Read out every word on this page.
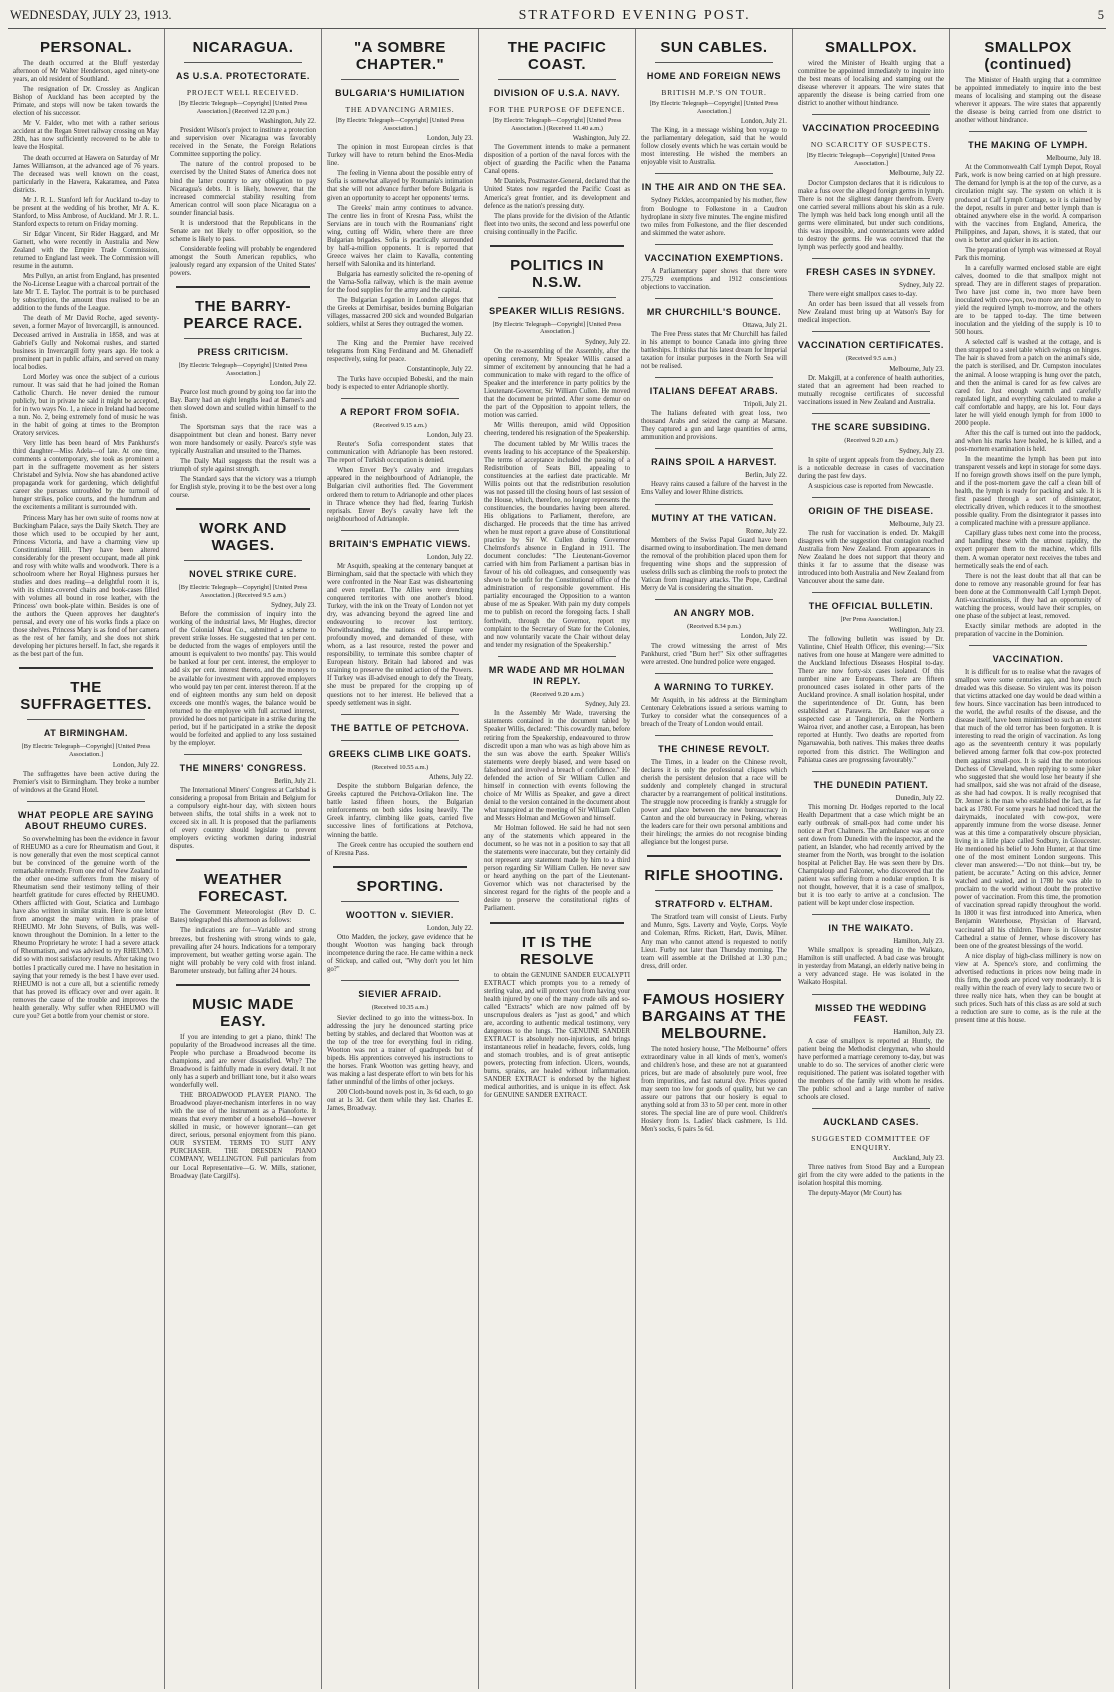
WEDNESDAY, JULY 23, 1913.	STRATFORD EVENING POST.	5
PERSONAL.

The death occurred at the Bluff yesterday afternoon of Mr Walter Henderson, aged ninety-one years, an old resident of Southland.

The resignation of Dr. Crossley as Anglican Bishop of Auckland has been accepted by the Primate, and steps will now be taken towards the election of his successor.

Mr V. Falder, who met with a rather serious accident at the Regan Street railway crossing on May 28th, has now sufficiently recovered to be able to leave the Hospital.

The death occurred at Hawera on Saturday of Mr James Williamson, at the advanced age of 76 years. The deceased was well known on the coast, particularly in the Hawera, Kakaramea, and Patea districts.

Mr J. R. L. Stanford left for Auckland to-day to be present at the wedding of his brother, Mr A. K. Stanford, to Miss Ambrose, of Auckland. Mr J. R. L. Stanford expects to return on Friday morning.

Sir Edgar Vincent, Sir Rider Haggard, and Mr Garnett, who were recently in Australia and New Zealand with the Empire Trade Commission, returned to England last week. The Commission will resume in the autumn.

Mrs Pullyn, an artist from England, has presented the No-License League with a charcoal portrait of the late Mr T. E. Taylor. The portrait is to be purchased by subscription, the amount thus realised to be an addition to the funds of the League.

The death of Mr David Roche, aged seventy-seven, a former Mayor of Invercargill, is announced. Deceased arrived in Australia in 1858, and was at Gabriel's Gully and Nokomai rushes, and started business in Invercargill forty years ago. He took a prominent part in public affairs, and served on many local bodies.

Lord Morley was once the subject of a curious rumour. It was said that he had joined the Roman Catholic Church. He never denied the rumour publicly, but in private he said it might be accepted, for in two ways No. 1, a niece in Ireland had become a nun. No. 2, being extremely fond of music he was in the habit of going at times to the Brompton Oratory services.

Very little has been heard of Mrs Pankhurst's third daughter—Miss Adela—of late. At one time, comments a contemporary, she took as prominent a part in the suffragette movement as her sisters Christabel and Sylvia. Now she has abandoned active propaganda work for gardening, which delightful career she pursues untroubled by the turmoil of hunger strikes, police courts, and the humdrum and the excitements a militant is surrounded with.

Princess Mary has her own suite of rooms now at Buckingham Palace, says the Daily Sketch. They are those which used to be occupied by her aunt, Princess Victoria, and have a charming view up Constitutional Hill. They have been altered considerably for the present occupant, made all pink and rosy with white walls and woodwork. There is a schoolroom where her Royal Highness pursues her studies and does reading—a delightful room it is, with its chintz-covered chairs and book-cases filled with volumes all bound in rose leather, with the Princess' own book-plate within. Besides is one of the authors the Queen approves her daughter's perusal, and every one of his works finds a place on those shelves. Princess Mary is as fond of her camera as the rest of her family, and she does not shirk developing her pictures herself. In fact, she regards it as the best part of the fun.

THE SUFFRAGETTES.
AT BIRMINGHAM.
[By Electric Telegraph—Copyright] [United Press Association.]
London, July 22.

The suffragettes have been active during the Premier's visit to Birmingham. They broke a number of windows at the Grand Hotel.

WHAT PEOPLE ARE SAYING ABOUT RHEUMO CURES.

So overwhelming has been the evidence in favour of RHEUMO as a cure for Rheumatism and Gout, it is now generally that even the most sceptical cannot but be convinced of the genuine worth of the remarkable remedy. From one end of New Zealand to the other one-time sufferers from the misery of Rheumatism send their testimony telling of their heartfelt gratitude for cures effected by RHEUMO. Others afflicted with Gout, Sciatica and Lumbago have also written in similar strain. Here is one letter from amongst the many written in praise of RHEUMO. Mr John Stevens, of Bulls, was well-known throughout the Dominion. In a letter to the Rheumo Proprietary he wrote: I had a severe attack of Rheumatism, and was advised to try RHEUMO. I did so with most satisfactory results. After taking two bottles I practically cured me. I have no hesitation in saying that your remedy is the best I have ever used. RHEUMO is not a cure all, but a scientific remedy that has proved its efficacy over and over again. It removes the cause of the trouble and improves the health generally. Why suffer when RHEUMO will cure you? Get a bottle from your chemist or store.

NICARAGUA.
AS U.S.A. PROTECTORATE.
PROJECT WELL RECEIVED.
[By Electric Telegraph—Copyright] [United Press Association.] (Received 12.20 p.m.)
Washington, July 22.

President Wilson's project to institute a protection and supervision over Nicaragua was favorably received in the Senate, the Foreign Relations Committee supporting the policy.

The nature of the control proposed to be exercised by the United States of America does not bind the latter country to any obligation to pay Nicaragua's debts. It is likely, however, that the increased commercial stability resulting from American control will soon place Nicaragua on a sounder financial basis.

It is understood that the Republicans in the Senate are not likely to offer opposition, so the scheme is likely to pass.

Considerable feeling will probably be engendered amongst the South American republics, who jealously regard any expansion of the United States' powers.

THE BARRY-PEARCE RACE.
PRESS CRITICISM.
[By Electric Telegraph—Copyright] [United Press Association.]
London, July 22.

Pearce lost much ground by going too far into the Bay. Barry had an eight lengths lead at Barnes's and then slowed down and sculled within himself to the finish.

The Sportsman says that the race was a disappointment but clean and honest. Barry never won more handsomely or easily. Pearce's style was typically Australian and unsuited to the Thames.

The Daily Mail suggests that the result was a triumph of style against strength.

The Standard says that the victory was a triumph for English style, proving it to be the best over a long course.

WORK AND WAGES.
NOVEL STRIKE CURE.
[By Electric Telegraph—Copyright] [United Press Association.] (Received 9.5 a.m.)
Sydney, July 23.

Before the commission of inquiry into the working of the industrial laws, Mr Hughes, director of the Colonial Meat Co., submitted a scheme to prevent strike losses. He suggested that ten per cent. be deducted from the wages of employers until the amount is equivalent to two months' pay. This would be banked at four per cent. interest, the employer to add six per cent. interest thereto, and the moneys to be available for investment with approved employers who would pay ten per cent. interest thereon. If at the end of eighteen months any sum held on deposit exceeds one month's wages, the balance would be returned to the employee with full accrued interest, provided he does not participate in a strike during the period, but if he participated in a strike the deposit would be forfeited and applied to any loss sustained by the employer.

THE MINERS' CONGRESS.
Berlin, July 21.

The International Miners' Congress at Carlsbad is considering a proposal from Britain and Belgium for a compulsory eight-hour day, with sixteen hours between shifts, the total shifts in a week not to exceed six in all. It is proposed that the parliaments of every country should legislate to prevent employers evicting workmen during industrial disputes.

WEATHER FORECAST.

The Government Meteorologist (Rev D. C. Bates) telegraphed this afternoon as follows:

The indications are for—Variable and strong breezes, but freshening with strong winds to gale, prevailing after 24 hours. Indications for a temporary improvement, but weather getting worse again. The night will probably be very cold with frost inland. Barometer unsteady, but falling after 24 hours.

MUSIC MADE EASY.

If you are intending to get a piano, think! The popularity of the Broadwood increases all the time. People who purchase a Broadwood become its champions, and are never dissatisfied. Why? The Broadwood is faithfully made in every detail. It not only has a superb and brilliant tone, but it also wears wonderfully well.

THE BROADWOOD PLAYER PIANO. The Broadwood player-mechanism interferes in no way with the use of the instrument as a Pianoforte. It means that every member of a household—however skilled in music, or however ignorant—can get direct, serious, personal enjoyment from this piano. OUR SYSTEM. TERMS TO SUIT ANY PURCHASER. THE DRESDEN PIANO COMPANY, WELLINGTON. Full particulars from our Local Representative—G. W. Mills, stationer, Broadway (late Cargill's).

"A SOMBRE CHAPTER."
BULGARIA'S HUMILIATION
THE ADVANCING ARMIES.
[By Electric Telegraph—Copyright] [United Press Association.]
London, July 23.

The opinion in most European circles is that Turkey will have to return behind the Enos-Media line.

The feeling in Vienna about the possible entry of Sofia is somewhat allayed by Roumania's intimation that she will not advance further before Bulgaria is given an opportunity to accept her opponents' terms.

The Greeks' main army continues to advance. The centre lies in front of Kresna Pass, whilst the Servians are in touch with the Roumanians' right wing, cutting off Widin, where there are three Bulgarian brigades. Sofia is practically surrounded by half-a-million opponents. It is reported that Greece waives her claim to Kavalla, contenting herself with Salonika and its hinterland.

Bulgaria has earnestly solicited the re-opening of the Varna-Sofia railway, which is the main avenue for the food supplies for the army and the capital.

The Bulgarian Legation in London alleges that the Greeks at Demirhisar, besides burning Bulgarian villages, massacred 200 sick and wounded Bulgarian soldiers, whilst at Seres they outraged the women.

Bucharest, July 22.

The King and the Premier have received telegrams from King Ferdinand and M. Ghenadieff respectively, suing for peace.

Constantinople, July 22.

The Turks have occupied Bobeski, and the main body is expected to enter Adrianople shortly.

A REPORT FROM SOFIA.
(Received 9.15 a.m.)
London, July 23.

Reuter's Sofia correspondent states that communication with Adrianople has been restored. The report of Turkish occupation is denied.

When Enver Bey's cavalry and irregulars appeared in the neighbourhood of Adrianople, the Bulgarian civil authorities fled. The Government ordered them to return to Adrianople and other places in Thrace whence they had fled, fearing Turkish reprisals. Enver Bey's cavalry have left the neighbourhood of Adrianople.

BRITAIN'S EMPHATIC VIEWS.
London, July 22.

Mr Asquith, speaking at the centenary banquet at Birmingham, said that the spectacle with which they were confronted in the Near East was disheartening and even repellant. The Allies were drenching conquered territories with one another's blood. Turkey, with the ink on the Treaty of London not yet dry, was advancing beyond the agreed line and endeavouring to recover lost territory. Notwithstanding, the nations of Europe were profoundly moved, and demanded of these, with whom, as a last resource, rested the power and responsibility, to terminate this sombre chapter of European history. Britain had labored and was straining to preserve the united action of the Powers. If Turkey was ill-advised enough to defy the Treaty, she must be prepared for the cropping up of questions not to her interest. He believed that a speedy settlement was in sight.

THE BATTLE OF PETCHOVA.
GREEKS CLIMB LIKE GOATS.
(Received 10.55 a.m.)
Athens, July 22.

Despite the stubborn Bulgarian defence, the Greeks captured the Petchova-Orliakon line. The battle lasted fifteen hours, the Bulgarian reinforcements on both sides losing heavily. The Greek infantry, climbing like goats, carried five successive lines of fortifications at Petchova, winning the battle.

The Greek centre has occupied the southern end of Kresna Pass.

SPORTING.
WOOTTON v. SIEVIER.
London, July 22.

Otto Madden, the jockey, gave evidence that he thought Wootton was hanging back through incompetence during the race. He came within a neck of Stickup, and called out, "Why don't you let him go?"

SIEVIER AFRAID.
(Received 10.35 a.m.)

Sievier declined to go into the witness-box. In addressing the jury he denounced starting price betting by stables, and declared that Wootton was at the top of the tree for everything foul in riding. Wootton was not a trainer of quadrupeds but of bipeds. His apprentices conveyed his instructions to the horses. Frank Wootton was getting heavy, and was making a last desperate effort to win bets for his father unmindful of the limbs of other jockeys.

200 Cloth-bound novels post in, 3s 6d each, to go out at 1s 3d. Get them while they last. Charles E. James, Broadway.

THE PACIFIC COAST.
DIVISION OF U.S.A. NAVY.
FOR THE PURPOSE OF DEFENCE.
[By Electric Telegraph—Copyright] [United Press Association.] (Received 11.40 a.m.)
Washington, July 22.

The Government intends to make a permanent disposition of a portion of the naval forces with the object of guarding the Pacific when the Panama Canal opens.

Mr Daniels, Postmaster-General, declared that the United States now regarded the Pacific Coast as America's great frontier, and its development and defence as the nation's pressing duty.

The plans provide for the division of the Atlantic fleet into two units, the second and less powerful one cruising continually in the Pacific.

POLITICS IN N.S.W.
SPEAKER WILLIS RESIGNS.
[By Electric Telegraph—Copyright] [United Press Association.]
Sydney, July 22.

On the re-assembling of the Assembly, after the opening ceremony, Mr Speaker Willis caused a simmer of excitement by announcing that he had a communication to make with regard to the office of Speaker and the interference in party politics by the Lieutenant-Governor, Sir William Cullen. He moved that the document be printed. After some demur on the part of the Opposition to appoint tellers, the motion was carried.

Mr Willis thereupon, amid wild Opposition cheering, tendered his resignation of the Speakership.

The document tabled by Mr Willis traces the events leading to his acceptance of the Speakership. The terms of acceptance included the passing of a Redistribution of Seats Bill, appealing to constituencies at the earliest date practicable. Mr Willis points out that the redistribution resolution was not passed till the closing hours of last session of the House, which, therefore, no longer represents the constituencies, the boundaries having been altered. His obligations to Parliament, therefore, are discharged. He proceeds that the time has arrived when he must report a grave abuse of Constitutional practice by Sir W. Cullen during Governor Chelmsford's absence in England in 1911. The document concludes: "The Lieutenant-Governor carried with him from Parliament a partisan bias in favour of his old colleagues, and consequently was shown to be unfit for the Constitutional office of the administration of responsible government. His partiality encouraged the Opposition to a wanton abuse of me as Speaker. With pain my duty compels me to publish on record the foregoing facts. I shall forthwith, through the Governor, report my complaint to the Secretary of State for the Colonies, and now voluntarily vacate the Chair without delay and tender my resignation of the Speakership."

MR WADE AND MR HOLMAN IN REPLY.
(Received 9.20 a.m.)
Sydney, July 23.

In the Assembly Mr Wade, traversing the statements contained in the document tabled by Speaker Willis, declared: "This cowardly man, before retiring from the Speakership, endeavoured to throw discredit upon a man who was as high above him as the sun was above the earth. Speaker Willis's statements were deeply biased, and were based on falsehood and involved a breach of confidence." He defended the action of Sir William Cullen and himself in connection with events following the choice of Mr Willis as Speaker, and gave a direct denial to the version contained in the document about what transpired at the meeting of Sir William Cullen and Messrs Holman and McGowen and himself.

Mr Holman followed. He said he had not seen any of the statements which appeared in the document, so he was not in a position to say that all the statements were inaccurate, but they certainly did not represent any statement made by him to a third person regarding Sir William Cullen. He never saw or heard anything on the part of the Lieutenant-Governor which was not characterised by the sincerest regard for the rights of the people and a desire to preserve the constitutional rights of Parliament.

IT IS THE RESOLVE

to obtain the GENUINE SANDER EUCALYPTI EXTRACT which prompts you to a remedy of sterling value, and will protect you from having your health injured by one of the many crude oils and so-called "Extracts" which are now palmed off by unscrupulous dealers as "just as good," and which are, according to authentic medical testimony, very dangerous to the lungs. The GENUINE SANDER EXTRACT is absolutely non-injurious, and brings instantaneous relief in headache, fevers, colds, lung and stomach troubles, and is of great antiseptic powers, protecting from infection. Ulcers, wounds, burns, sprains, are healed without inflammation. SANDER EXTRACT is endorsed by the highest medical authorities, and is unique in its effect. Ask for GENUINE SANDER EXTRACT.

SUN CABLES.
HOME AND FOREIGN NEWS
BRITISH M.P.'S ON TOUR.
[By Electric Telegraph—Copyright] [United Press Association.]
London, July 21.

The King, in a message wishing bon voyage to the parliamentary delegation, said that he would follow closely events which he was certain would be most interesting. He wished the members an enjoyable visit to Australia.

IN THE AIR AND ON THE SEA.

Sydney Pickles, accompanied by his mother, flew from Boulogne to Folkestone in a Caudron hydroplane in sixty five minutes. The engine misfired two miles from Folkestone, and the flier descended and skimmed the water ashore.

VACCINATION EXEMPTIONS.

A Parliamentary paper shows that there were 275,729 exemptions and 1912 conscientious objections to vaccination.

MR CHURCHILL'S BOUNCE.
Ottawa, July 21.

The Free Press states that Mr Churchill has failed in his attempt to bounce Canada into giving three battleships. It thinks that his latest dream for Imperial taxation for insular purposes in the North Sea will not be realised.

ITALIANS DEFEAT ARABS.
Tripoli, July 21.

The Italians defeated with great loss, two thousand Arabs and seized the camp at Marsane. They captured a gun and large quantities of arms, ammunition and provisions.

RAINS SPOIL A HARVEST.
Berlin, July 22.

Heavy rains caused a failure of the harvest in the Ems Valley and lower Rhine districts.

MUTINY AT THE VATICAN.
Rome, July 22.

Members of the Swiss Papal Guard have been disarmed owing to insubordination. The men demand the removal of the prohibition placed upon them for frequenting wine shops and the suppression of useless drills such as climbing the roofs to protect the Vatican from imaginary attacks. The Pope, Cardinal Merry de Val is considering the situation.

AN ANGRY MOB.
(Received 8.34 p.m.)
London, July 22.

The crowd witnessing the arrest of Mrs Pankhurst, cried "Burn her!" Six other suffragettes were arrested. One hundred police were engaged.

A WARNING TO TURKEY.

Mr Asquith, in his address at the Birmingham Centenary Celebrations issued a serious warning to Turkey to consider what the consequences of a breach of the Treaty of London would entail.

THE CHINESE REVOLT.

The Times, in a leader on the Chinese revolt, declares it is only the professional cliques which cherish the persistent delusion that a race will be suddenly and completely changed in structural character by a rearrangement of political institutions. The struggle now proceeding is frankly a struggle for power and place between the new bureaucracy in Canton and the old bureaucracy in Peking, whereas the leaders care for their own personal ambitions and their hirelings; the armies do not recognise binding allegiance but the longest purse.

RIFLE SHOOTING.
STRATFORD v. ELTHAM.

The Stratford team will consist of Lieuts. Furby and Munro, Sgts. Laverty and Voyle, Corps. Voyle and Coleman, Rfms. Rickett, Hart, Davis, Milner. Any man who cannot attend is requested to notify Lieut. Furby not later than Thursday morning. The team will assemble at the Drillshed at 1.30 p.m.; dress, drill order.

FAMOUS HOSIERY BARGAINS AT THE MELBOURNE.

The noted hosiery house, "The Melbourne" offers extraordinary value in all kinds of men's, women's and children's hose, and these are not at guaranteed prices, but are made of absolutely pure wool, free from impurities, and fast natural dye. Prices quoted may seem too low for goods of quality, but we can assure our patrons that our hosiery is equal to anything sold at from 33 to 50 per cent. more in other stores. The special line are of pure wool. Children's Hosiery from 1s. Ladies' black cashmere, 1s 11d. Men's socks, 6 pairs 5s 6d.

SMALLPOX.

wired the Minister of Health urging that a committee be appointed immediately to inquire into the best means of localising and stamping out the disease wherever it appears. The wire states that apparently the disease is being carried from one district to another without hindrance.

VACCINATION PROCEEDING
NO SCARCITY OF SUSPECTS.
[By Electric Telegraph—Copyright] [United Press Association.]
Melbourne, July 22.

Doctor Cumpston declares that it is ridiculous to make a fuss over the alleged foreign germs in lymph. There is not the slightest danger therefrom. Every one carried several millions about his skin as a rule. The lymph was held back long enough until all the germs were eliminated, but under such conditions, this was impossible, and counteractants were added to destroy the germs. He was convinced that the lymph was perfectly good and healthy.

FRESH CASES IN SYDNEY.
Sydney, July 22.

There were eight smallpox cases to-day.

An order has been issued that all vessels from New Zealand must bring up at Watson's Bay for medical inspection.

VACCINATION CERTIFICATES.
(Received 9.5 a.m.)
Melbourne, July 23.

Dr. Makgill, at a conference of health authorities, stated that an agreement had been reached to mutually recognise certificates of successful vaccinations issued in New Zealand and Australia.

THE SCARE SUBSIDING.
(Received 9.20 a.m.)
Sydney, July 23.

In spite of urgent appeals from the doctors, there is a noticeable decrease in cases of vaccination during the past few days.

A suspicious case is reported from Newcastle.

ORIGIN OF THE DISEASE.
Melbourne, July 23.

The rush for vaccination is ended. Dr. Makgill disagrees with the suggestion that contagion reached Australia from New Zealand. From appearances in New Zealand he does not support that theory and thinks it far to assume that the disease was introduced into both Australia and New Zealand from Vancouver about the same date.

THE OFFICIAL BULLETIN.
[Per Press Association.]
Wellington, July 23.

The following bulletin was issued by Dr. Valintine, Chief Health Officer, this evening:—"Six natives from one house at Mangere were admitted to the Auckland Infectious Diseases Hospital to-day. There are now forty-six cases isolated. Of this number nine are Europeans. There are fifteen pronounced cases isolated in other parts of the Auckland province. A small isolation hospital, under the superintendence of Dr. Gunn, has been established at Parawera. Dr. Baker reports a suspected case at Tangiteroria, on the Northern Wairoa river, and another case, a European, has been reported at Huntly. Two deaths are reported from Ngaruawahia, both natives. This makes three deaths reported from this district. The Wellington and Pahiatua cases are progressing favourably."

THE DUNEDIN PATIENT.
Dunedin, July 22.

This morning Dr. Hodges reported to the local Health Department that a case which might be an early outbreak of small-pox had come under his notice at Port Chalmers. The ambulance was at once sent down from Dunedin with the inspector, and the patient, an Islander, who had recently arrived by the steamer from the North, was brought to the isolation hospital at Pelichet Bay. He was seen there by Drs. Champtaloup and Falconer, who discovered that the patient was suffering from a nodular eruption. It is not thought, however, that it is a case of smallpox, but it is too early to arrive at a conclusion. The patient will be kept under close inspection.

IN THE WAIKATO.
Hamilton, July 23.

While smallpox is spreading in the Waikato, Hamilton is still unaffected. A bad case was brought in yesterday from Matangi, an elderly native being in a very advanced stage. He was isolated in the Waikato Hospital.

MISSED THE WEDDING FEAST.
Hamilton, July 23.

A case of smallpox is reported at Huntly, the patient being the Methodist clergyman, who should have performed a marriage ceremony to-day, but was unable to do so. The services of another cleric were requisitioned. The patient was isolated together with the members of the family with whom he resides. The public school and a large number of native schools are closed.

AUCKLAND CASES.
SUGGESTED COMMITTEE OF ENQUIRY.
Auckland, July 23.

Three natives from Stood Bay and a European girl from the city were added to the patients in the isolation hospital this morning.

The deputy-Mayor (Mr Court) has

SMALLPOX (continued)

The Minister of Health urging that a committee be appointed immediately to inquire into the best means of localising and stamping out the disease wherever it appears. The wire states that apparently the disease is being carried from one district to another without hindrance.

THE MAKING OF LYMPH.
Melbourne, July 18.

At the Commonwealth Calf Lymph Depot, Royal Park, work is now being carried on at high pressure. The demand for lymph is at the top of the curve, as a circulation might say. The system on which it is produced at Calf Lymph Cottage, so it is claimed by the depot, results in purer and better lymph than is obtained anywhere else in the world. A comparison with the vaccines from England, America, the Philippines, and Japan, shows, it is stated, that our own is better and quicker in its action.

The preparation of lymph was witnessed at Royal Park this morning.

In a carefully warmed enclosed stable are eight calves, doomed to die that smallpox might not spread. They are in different stages of preparation. Two have just come in, two more have been inoculated with cow-pox, two more are to be ready to yield the required lymph to-morrow, and the others are to be tapped to-day. The time between inoculation and the yielding of the supply is 10 to 500 hours.

A selected calf is washed at the cottage, and is then strapped to a steel table which swings on hinges. The hair is shaved from a patch on the animal's side, the patch is sterilised, and Dr. Cumpston inoculates the animal. A loose wrapping is hung over the patch, and then the animal is cared for as few calves are cared for. Just enough warmth and carefully regulated light, and everything calculated to make a calf comfortable and happy, are his lot. Four days later he will yield enough lymph for from 1000 to 2000 people.

After this the calf is turned out into the paddock, and when his marks have healed, he is killed, and a post-mortem examination is held.

In the meantime the lymph has been put into transparent vessels and kept in storage for some days. If no foreign growth shows itself on the pure lymph, and if the post-mortem gave the calf a clean bill of health, the lymph is ready for packing and sale. It is first passed through a sort of disintegrator, electrically driven, which reduces it to the smoothest possible quality. From the disintegrator it passes into a complicated machine with a pressure appliance.

Capillary glass tubes next come into the process, and handling these with the utmost rapidity, the expert preparer them to the machine, which fills them. A woman operator next receives the tubes and hermetically seals the end of each.

There is not the least doubt that all that can be done to remove any reasonable ground for fear has been done at the Commonwealth Calf Lymph Depot. Anti-vaccinationists, if they had an opportunity of watching the process, would have their scruples, on one phase of the subject at least, removed.

Exactly similar methods are adopted in the preparation of vaccine in the Dominion.

VACCINATION.

It is difficult for us to realise what the ravages of smallpox were some centuries ago, and how much dreaded was this disease. So virulent was its poison that victims attacked one day would be dead within a few hours. Since vaccination has been introduced to the world, the awful results of the disease, and the disease itself, have been minimised to such an extent that much of the old terror has been forgotten. It is interesting to read the origin of vaccination. As long ago as the seventeenth century it was popularly believed among farmer folk that cow-pox protected them against small-pox. It is said that the notorious Duchess of Cleveland, when replying to some joker who suggested that she would lose her beauty if she had smallpox, said she was not afraid of the disease, as she had had cowpox. It is really recognised that Dr. Jenner is the man who established the fact, as far back as 1780. For some years he had noticed that the dairymaids, inoculated with cow-pox, were apparently immune from the worse disease. Jenner was at this time a comparatively obscure physician, living in a little place called Sodbury, in Gloucester. He mentioned his belief to John Hunter, at that time one of the most eminent London surgeons. This clever man answered:—"Do not think—but try, be patient, be accurate." Acting on this advice, Jenner watched and waited, and in 1780 he was able to proclaim to the world without doubt the protective power of vaccination. From this time, the promotion of vaccination spread rapidly throughout the world. In 1800 it was first introduced into America, when Benjamin Waterhouse, Physician of Harvard, vaccinated all his children. There is in Gloucester Cathedral a statue of Jenner, whose discovery has been one of the greatest blessings of the world.

A nice display of high-class millinery is now on view at A. Spence's store, and confirming the advertised reductions in prices now being made in this firm, the goods are priced very moderately. It is really within the reach of every lady to secure two or three really nice hats, when they can be bought at such prices. Such hats of this class as are sold at such a reduction are sure to come, as is the rule at the present time at this house.
